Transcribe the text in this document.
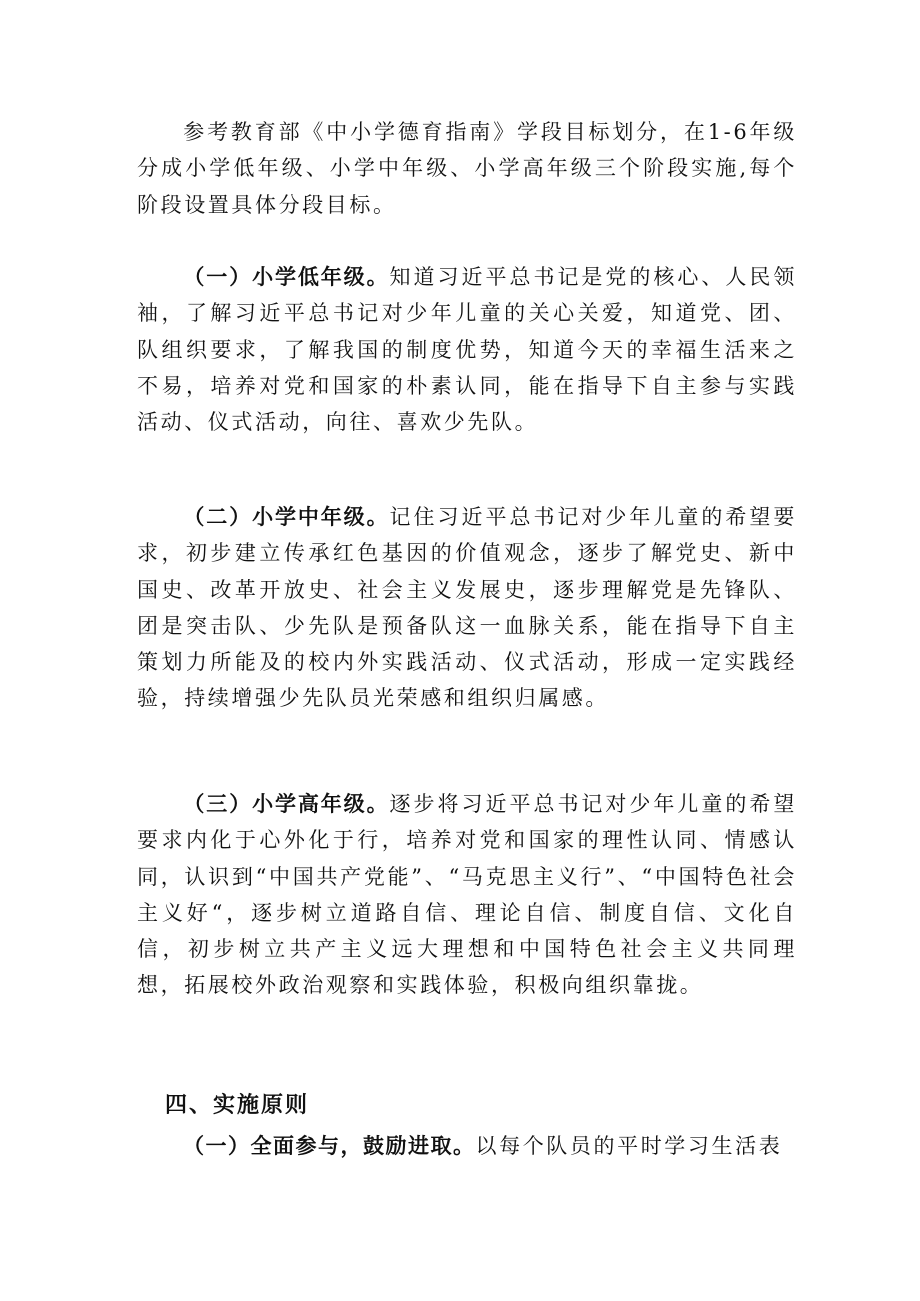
参考教育部《中小学德育指南》学段目标划分，在1-6年级分成小学低年级、小学中年级、小学高年级三个阶段实施,每个阶段设置具体分段目标。
（一）小学低年级。知道习近平总书记是党的核心、人民领袖，了解习近平总书记对少年儿童的关心关爱，知道党、团、队组织要求，了解我国的制度优势，知道今天的幸福生活来之不易，培养对党和国家的朴素认同，能在指导下自主参与实践活动、仪式活动，向往、喜欢少先队。
（二）小学中年级。记住习近平总书记对少年儿童的希望要求，初步建立传承红色基因的价值观念，逐步了解党史、新中国史、改革开放史、社会主义发展史，逐步理解党是先锋队、团是突击队、少先队是预备队这一血脉关系，能在指导下自主策划力所能及的校内外实践活动、仪式活动，形成一定实践经验，持续增强少先队员光荣感和组织归属感。
（三）小学高年级。逐步将习近平总书记对少年儿童的希望要求内化于心外化于行，培养对党和国家的理性认同、情感认同，认识到“中国共产党能”、“马克思主义行”、“中国特色社会主义好“，逐步树立道路自信、理论自信、制度自信、文化自信，初步树立共产主义远大理想和中国特色社会主义共同理想，拓展校外政治观察和实践体验，积极向组织靠拢。
四、实施原则
（一）全面参与，鼓励进取。以每个队员的平时学习生活表
